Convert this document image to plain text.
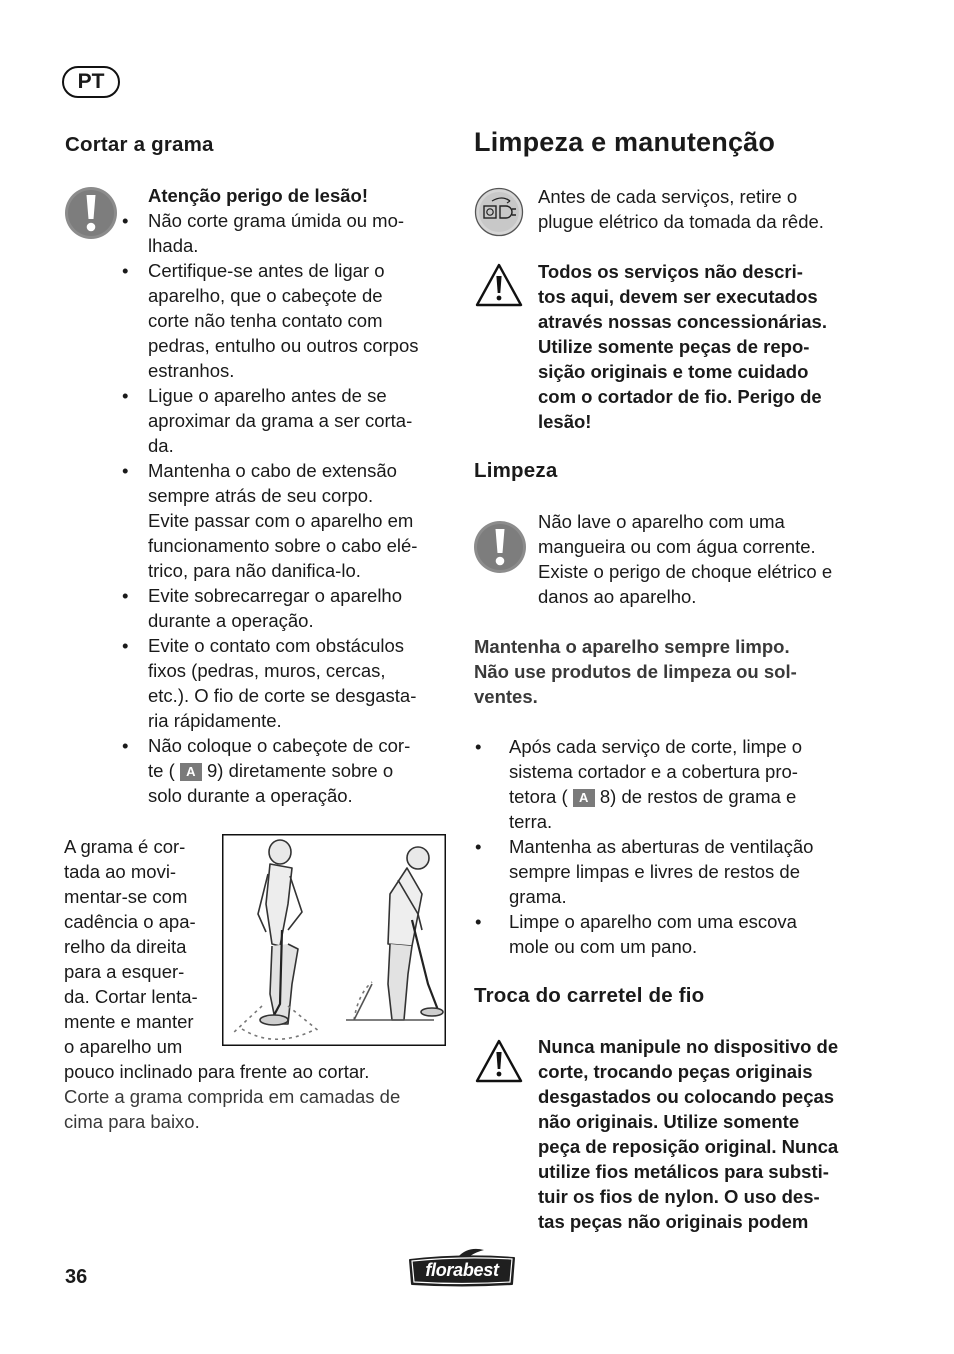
PT
Cortar a grama
Atenção perigo de lesão!
• Não corte grama úmida ou mo-
lhada.
• Certifique-se antes de ligar o
aparelho, que o cabeçote de
corte não tenha contato com
pedras, entulho ou outros corpos
estranhos.
• Ligue o aparelho antes de se
aproximar da grama a ser corta-
da.
• Mantenha o cabo de extensão
sempre atrás de seu corpo.
Evite passar com o aparelho em
funcionamento sobre o cabo elé-
trico, para não danifica-lo.
• Evite sobrecarregar o aparelho
durante a operação.
• Evite o contato com obstáculos
fixos (pedras, muros, cercas,
etc.). O fio de corte se desgasta-
ria rápidamente.
• Não coloque o cabeçote de cor-
te ( A 9) diretamente sobre o
solo durante a operação.
A grama é cor-
tada ao movi-
mentar-se com
cadência o apa-
relho da direita
para a esquer-
da. Cortar lenta-
mente e manter
o aparelho um
pouco inclinado para frente ao cortar.
Corte a grama comprida em camadas de
cima para baixo.
Limpeza e manutenção
Antes de cada serviços, retire o
plugue elétrico da tomada da rêde.
Todos os serviços não descri-
tos aqui, devem ser executados
através nossas concessionárias.
Utilize somente peças de repo-
sição originais e tome cuidado
com o cortador de fio. Perigo de
lesão!
Limpeza
Não lave o aparelho com uma
mangueira ou com água corrente.
Existe o perigo de choque elétrico e
danos ao aparelho.
Mantenha o aparelho sempre limpo.
Não use produtos de limpeza ou sol-
ventes.
• Após cada serviço de corte, limpe o
sistema cortador e a cobertura pro-
tetora ( A 8) de restos de grama e
terra.
• Mantenha as aberturas de ventilação
sempre limpas e livres de restos de
grama.
• Limpe o aparelho com uma escova
mole ou com um pano.
Troca do carretel de fio
Nunca manipule no dispositivo de
corte, trocando peças originais
desgastados ou colocando peças
não originais. Utilize somente
peça de reposição original. Nunca
utilize fios metálicos para substi-
tuir os fios de nylon. O uso des-
tas peças não originais podem
36	florabest
